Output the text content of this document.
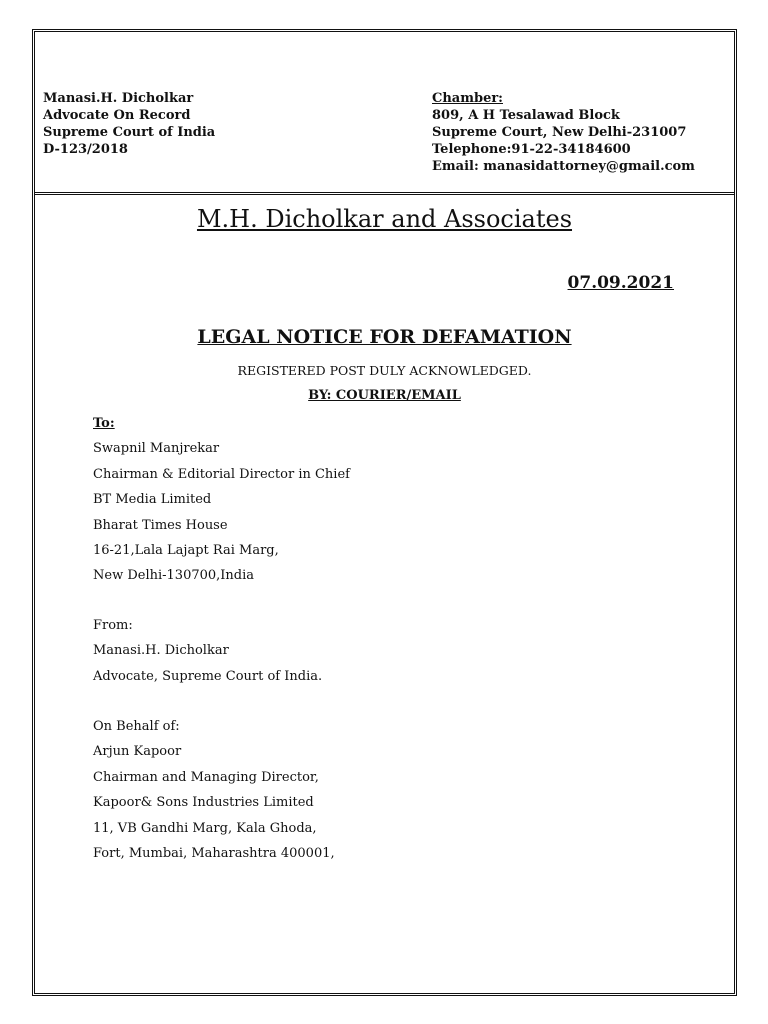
Manasi.H. Dicholkar
Advocate On Record
Supreme Court of India
D-123/2018
Chamber:
809, A H Tesalawad Block
Supreme Court, New Delhi-231007
Telephone:91-22-34184600
Email: manasidattorney@gmail.com
M.H. Dicholkar and Associates
07.09.2021
LEGAL NOTICE FOR DEFAMATION
REGISTERED POST DULY ACKNOWLEDGED.
BY: COURIER/EMAIL
To:
Swapnil Manjrekar
Chairman & Editorial Director in Chief
BT Media Limited
Bharat Times House
16-21,Lala Lajapt Rai Marg,
New Delhi-130700,India
From:
Manasi.H. Dicholkar
Advocate, Supreme Court of India.
On Behalf of:
Arjun Kapoor
Chairman and Managing Director,
Kapoor& Sons Industries Limited
11, VB Gandhi Marg, Kala Ghoda,
Fort, Mumbai, Maharashtra 400001,
